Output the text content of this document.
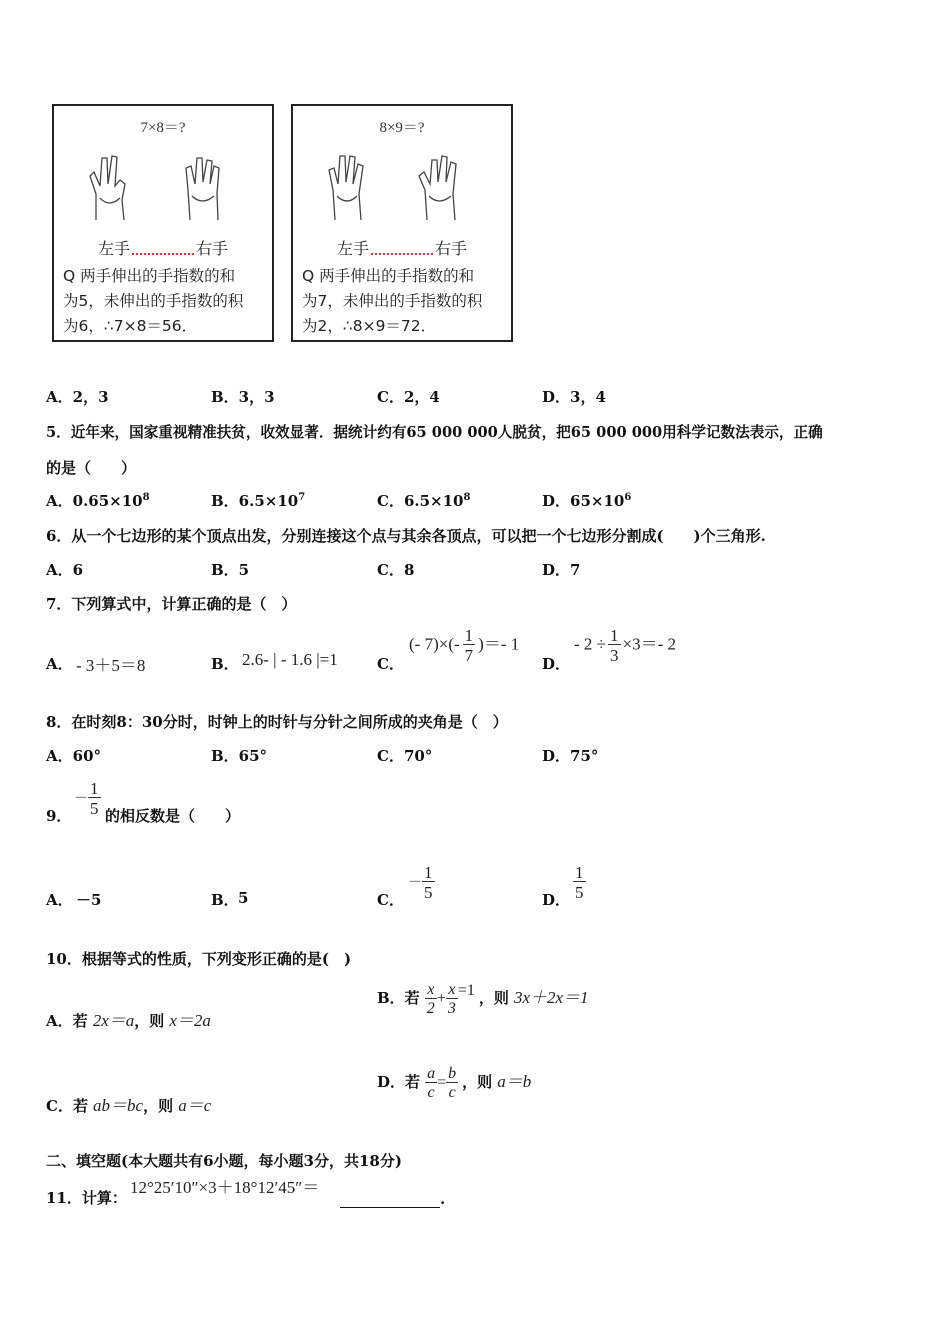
7×8＝?
左手	右手
Q 两手伸出的手指数的和
为5，未伸出的手指数的积
为6，∴7×8＝56．
8×9＝?
左手	右手
Q 两手伸出的手指数的和
为7，未伸出的手指数的积
为2，∴8×9＝72．
A．2，3	B．3，3	C．2，4	D．3，4
5．近年来，国家重视精准扶贫，收效显著．据统计约有65 000 000人脱贫，把65 000 000用科学记数法表示，正确
的是（　　）
A．$0.65\times 10^8$	B．$6.5\times 10^7$	C．$6.5\times 10^8$	D．$65\times 10^6$
6．从一个七边形的某个顶点出发，分别连接这个点与其余各顶点，可以把一个七边形分割成(　　)个三角形.
A．6	B．5	C．8	D．7
7．下列算式中，计算正确的是（　）
A． - 3＋5＝8	B． 2.6- | - 1.6 |=1	C．
(- $7)\times(- \frac{1}{7}$ )＝- 1
D．
- $2 \div \frac{1}{3} \times 3=-$ 2
8．在时刻8：30分时，时钟上的时针与分针之间所成的夹角是（　）
A．60°	B．65°	C．70°	D．75°
9．
－ $\frac{1}{5}$ 的相反数是（　　）
A． －5	B． 5	C．
－ $\frac{1}{5}$	D． $\frac{1}{5}$
10．根据等式的性质，下列变形正确的是(　)
A．若 2x＝a，则 x＝2a
B．若 $\frac{x}{2} + \frac{x}{3} =1$ ，则 3x＋2x＝1
C．若 ab＝bc，则 a＝c
D．若 $\frac{a}{c} = \frac{b}{c}$ ，则 a＝b
二、填空题(本大题共有6小题，每小题3分，共18分)
11．计算：
12°25′10″×3＋18°12′45″＝
.
